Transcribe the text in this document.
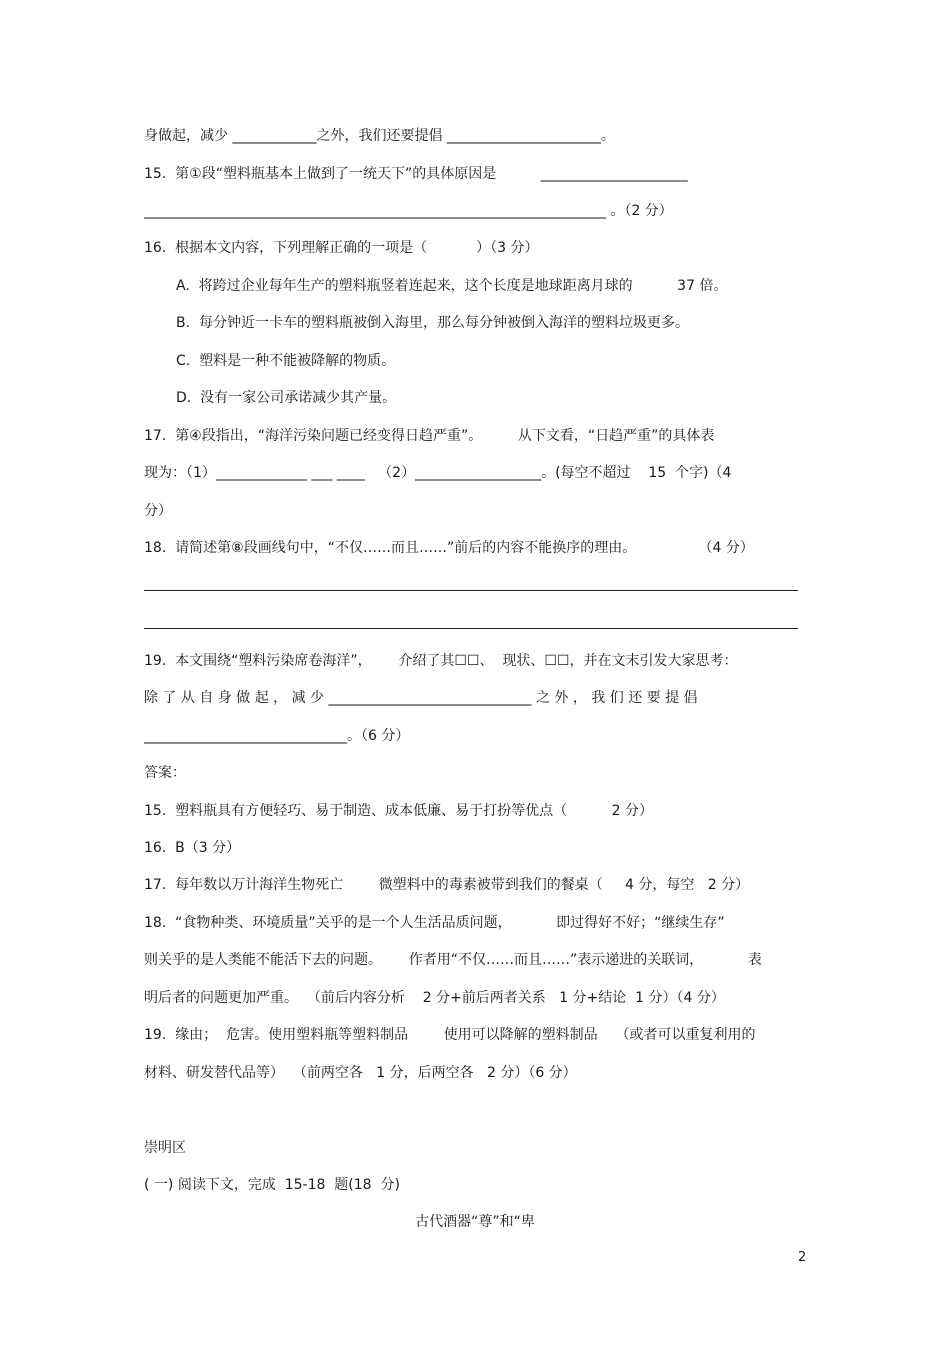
身做起，减少 ____________之外，我们还要提倡 ______________________。
15.  第①段“塑料瓶基本上做到了一统天下”的具体原因是          _____________________
__________________________________________________________________ 。（2 分）
16.  根据本文内容，下列理解正确的一项是（           ）（3 分）
A.  将跨过企业每年生产的塑料瓶竖着连起来，这个长度是地球距离月球的          37 倍。
B.  每分钟近一卡车的塑料瓶被倒入海里，那么每分钟被倒入海洋的塑料垃圾更多。
C.  塑料是一种不能被降解的物质。
D.  没有一家公司承诺减少其产量。
17.  第④段指出，“海洋污染问题已经变得日趋严重”。        从下文看，“日趋严重”的具体表
现为：（1）_____________ ___ ____   （2）__________________。(每空不超过    15  个字)（4
分）
18.  请简述第⑧段画线句中，“不仅……而且……”前后的内容不能换序的理由。              （4 分）
19.  本文围绕“塑料污染席卷海洋”，      介绍了其☐☐、  现状、☐☐，并在文末引发大家思考：
除 了 从 自 身 做 起 ， 减 少 _____________________________ 之 外 ， 我 们 还 要 提 倡
_____________________________。（6 分）
答案：
15.  塑料瓶具有方便轻巧、易于制造、成本低廉、易于打扮等优点（          2 分）
16.  B（3 分）
17.  每年数以万计海洋生物死亡        微塑料中的毒素被带到我们的餐桌（     4 分，每空   2 分）
18.  “食物种类、环境质量”关乎的是一个人生活品质问题，          即过得好不好；“继续生存”
则关乎的是人类能不能活下去的问题。      作者用“不仅……而且……”表示递进的关联词，          表
明后者的问题更加严重。  （前后内容分析    2 分+前后两者关系   1 分+结论  1 分）（4 分）
19.  缘由；  危害。使用塑料瓶等塑料制品        使用可以降解的塑料制品    （或者可以重复利用的
材料、研发替代品等）  （前两空各   1 分，后两空各   2 分）（6 分）
崇明区
( 一) 阅读下文，完成  15-18  题(18  分)
古代酒器“尊”和“卑
2
